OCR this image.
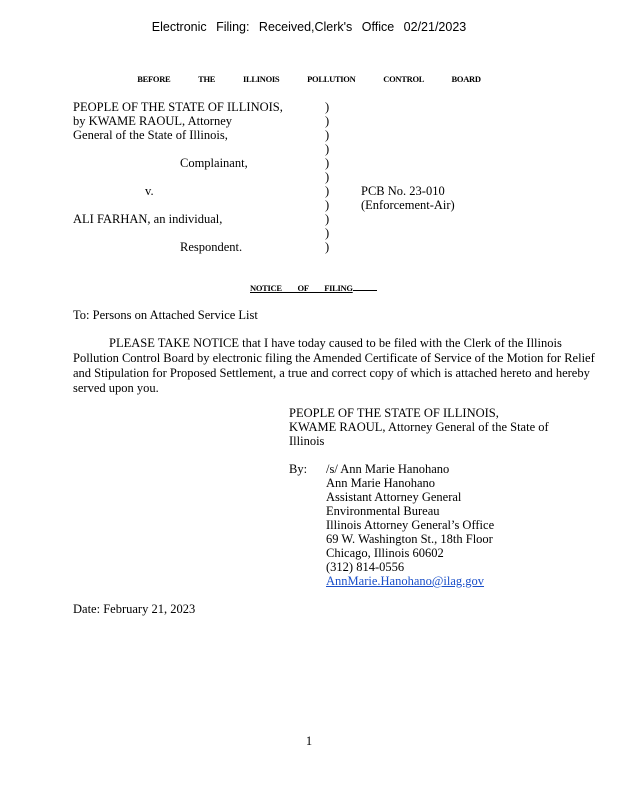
Electronic Filing: Received,Clerk's Office 02/21/2023
BEFORE THE ILLINOIS POLLUTION CONTROL BOARD
PEOPLE OF THE STATE OF ILLINOIS,
by KWAME RAOUL, Attorney
General of the State of Illinois,
Complainant,
v.
ALI FARHAN, an individual,
Respondent.
)
)
)
)
)
)
)
)
)
)
)
PCB No. 23-010
(Enforcement-Air)
NOTICE OF FILING
To: Persons on Attached Service List

PLEASE TAKE NOTICE that I have today caused to be filed with the Clerk of the Illinois Pollution Control Board by electronic filing the Amended Certificate of Service of the Motion for Relief and Stipulation for Proposed Settlement, a true and correct copy of which is attached hereto and hereby served upon you.

PEOPLE OF THE STATE OF ILLINOIS,
KWAME RAOUL, Attorney General of the State of
Illinois
By: /s/ Ann Marie Hanohano
Ann Marie Hanohano
Assistant Attorney General
Environmental Bureau
Illinois Attorney General’s Office
69 W. Washington St., 18th Floor
Chicago, Illinois 60602
(312) 814-0556
AnnMarie.Hanohano@ilag.gov
Date: February 21, 2023
1
